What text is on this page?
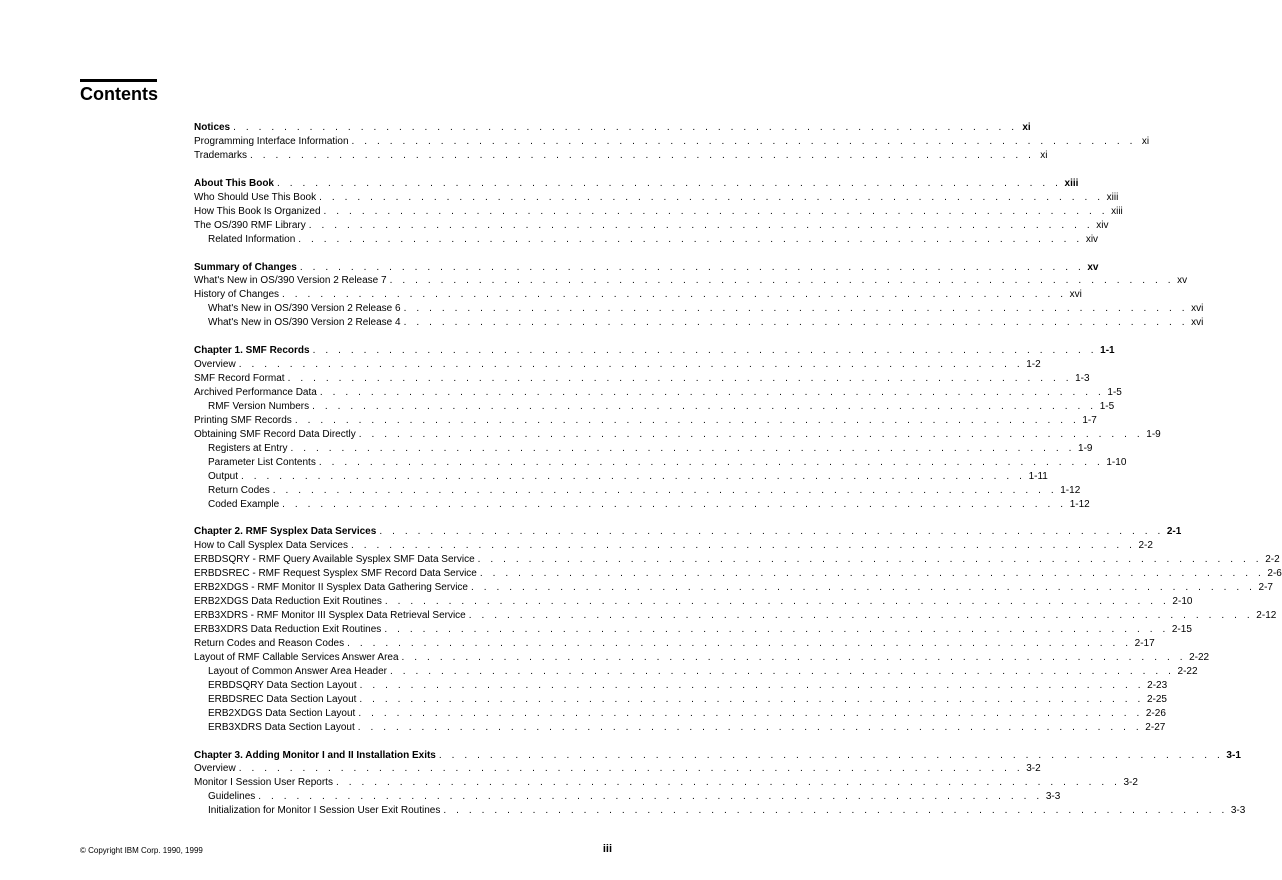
Contents
Notices . . . . . . . . . . . . . . . . . . . . . . . . . . . . . . . . . . . . . . . . . . . . . . . . . . . . . . . . . . . . . . xi
Programming Interface Information . . . . . . . . . . . . . . . . . . . . . . . . . . . . . . . . . . . . . . . . . . . . . . . . . . . . . . . . . . . . . . xi
Trademarks . . . . . . . . . . . . . . . . . . . . . . . . . . . . . . . . . . . . . . . . . . . . . . . . . . . . . . . . . . . . . . xi
About This Book . . . . . . . . . . . . . . . . . . . . . . . . . . . . . . . . . . . . . . . . . . . . . . . . . . . . . . . . . . . . . . xiii
Who Should Use This Book . . . . . . . . . . . . . . . . . . . . . . . . . . . . . . . . . . . . . . . . . . . . . . . . . . . . . . . . . . . . . . xiii
How This Book Is Organized . . . . . . . . . . . . . . . . . . . . . . . . . . . . . . . . . . . . . . . . . . . . . . . . . . . . . . . . . . . . . . xiii
The OS/390 RMF Library . . . . . . . . . . . . . . . . . . . . . . . . . . . . . . . . . . . . . . . . . . . . . . . . . . . . . . . . . . . . . . xiv
Related Information . . . . . . . . . . . . . . . . . . . . . . . . . . . . . . . . . . . . . . . . . . . . . . . . . . . . . . . . . . . . . . xiv
Summary of Changes . . . . . . . . . . . . . . . . . . . . . . . . . . . . . . . . . . . . . . . . . . . . . . . . . . . . . . . . . . . . . . xv
What's New in OS/390 Version 2 Release 7 . . . . . . . . . . . . . . . . . . . . . . . . . . . . . . . . . . . . . . . . . . . . . . . . . . . . . . . . . . . . . . xv
History of Changes . . . . . . . . . . . . . . . . . . . . . . . . . . . . . . . . . . . . . . . . . . . . . . . . . . . . . . . . . . . . . . xvi
What's New in OS/390 Version 2 Release 6 . . . . . . . . . . . . . . . . . . . . . . . . . . . . . . . . . . . . . . . . . . . . . . . . . . . . . . . . . . . . . . xvi
What's New in OS/390 Version 2 Release 4 . . . . . . . . . . . . . . . . . . . . . . . . . . . . . . . . . . . . . . . . . . . . . . . . . . . . . . . . . . . . . . xvi
Chapter 1. SMF Records . . . . . . . . . . . . . . . . . . . . . . . . . . . . . . . . . . . . . . . . . . . . . . . . . . . . . . . . . . . . . . 1-1
Overview . . . . . . . . . . . . . . . . . . . . . . . . . . . . . . . . . . . . . . . . . . . . . . . . . . . . . . . . . . . . . . 1-2
SMF Record Format . . . . . . . . . . . . . . . . . . . . . . . . . . . . . . . . . . . . . . . . . . . . . . . . . . . . . . . . . . . . . . 1-3
Archived Performance Data . . . . . . . . . . . . . . . . . . . . . . . . . . . . . . . . . . . . . . . . . . . . . . . . . . . . . . . . . . . . . . 1-5
RMF Version Numbers . . . . . . . . . . . . . . . . . . . . . . . . . . . . . . . . . . . . . . . . . . . . . . . . . . . . . . . . . . . . . . 1-5
Printing SMF Records . . . . . . . . . . . . . . . . . . . . . . . . . . . . . . . . . . . . . . . . . . . . . . . . . . . . . . . . . . . . . . 1-7
Obtaining SMF Record Data Directly . . . . . . . . . . . . . . . . . . . . . . . . . . . . . . . . . . . . . . . . . . . . . . . . . . . . . . . . . . . . . . 1-9
Registers at Entry . . . . . . . . . . . . . . . . . . . . . . . . . . . . . . . . . . . . . . . . . . . . . . . . . . . . . . . . . . . . . . 1-9
Parameter List Contents . . . . . . . . . . . . . . . . . . . . . . . . . . . . . . . . . . . . . . . . . . . . . . . . . . . . . . . . . . . . . . 1-10
Output . . . . . . . . . . . . . . . . . . . . . . . . . . . . . . . . . . . . . . . . . . . . . . . . . . . . . . . . . . . . . . 1-11
Return Codes . . . . . . . . . . . . . . . . . . . . . . . . . . . . . . . . . . . . . . . . . . . . . . . . . . . . . . . . . . . . . . 1-12
Coded Example . . . . . . . . . . . . . . . . . . . . . . . . . . . . . . . . . . . . . . . . . . . . . . . . . . . . . . . . . . . . . . 1-12
Chapter 2. RMF Sysplex Data Services . . . . . . . . . . . . . . . . . . . . . . . . . . . . . . . . . . . . . . . . . . . . . . . . . . . . . . . . . . . . . . 2-1
How to Call Sysplex Data Services . . . . . . . . . . . . . . . . . . . . . . . . . . . . . . . . . . . . . . . . . . . . . . . . . . . . . . . . . . . . . . 2-2
ERBDSQRY - RMF Query Available Sysplex SMF Data Service . . . . . . . . . . . . . . . . . . . . . . . . . . . . . . . . . . . . . . . . . . . . . . . . . . . . . . . . . . . . . . 2-2
ERBDSREC - RMF Request Sysplex SMF Record Data Service . . . . . . . . . . . . . . . . . . . . . . . . . . . . . . . . . . . . . . . . . . . . . . . . . . . . . . . . . . . . . . 2-6
ERB2XDGS - RMF Monitor II Sysplex Data Gathering Service . . . . . . . . . . . . . . . . . . . . . . . . . . . . . . . . . . . . . . . . . . . . . . . . . . . . . . . . . . . . . . 2-7
ERB2XDGS Data Reduction Exit Routines . . . . . . . . . . . . . . . . . . . . . . . . . . . . . . . . . . . . . . . . . . . . . . . . . . . . . . . . . . . . . . 2-10
ERB3XDRS - RMF Monitor III Sysplex Data Retrieval Service . . . . . . . . . . . . . . . . . . . . . . . . . . . . . . . . . . . . . . . . . . . . . . . . . . . . . . . . . . . . . . 2-12
ERB3XDRS Data Reduction Exit Routines . . . . . . . . . . . . . . . . . . . . . . . . . . . . . . . . . . . . . . . . . . . . . . . . . . . . . . . . . . . . . . 2-15
Return Codes and Reason Codes . . . . . . . . . . . . . . . . . . . . . . . . . . . . . . . . . . . . . . . . . . . . . . . . . . . . . . . . . . . . . . 2-17
Layout of RMF Callable Services Answer Area . . . . . . . . . . . . . . . . . . . . . . . . . . . . . . . . . . . . . . . . . . . . . . . . . . . . . . . . . . . . . . 2-22
Layout of Common Answer Area Header . . . . . . . . . . . . . . . . . . . . . . . . . . . . . . . . . . . . . . . . . . . . . . . . . . . . . . . . . . . . . . 2-22
ERBDSQRY Data Section Layout . . . . . . . . . . . . . . . . . . . . . . . . . . . . . . . . . . . . . . . . . . . . . . . . . . . . . . . . . . . . . . 2-23
ERBDSREC Data Section Layout . . . . . . . . . . . . . . . . . . . . . . . . . . . . . . . . . . . . . . . . . . . . . . . . . . . . . . . . . . . . . . 2-25
ERB2XDGS Data Section Layout . . . . . . . . . . . . . . . . . . . . . . . . . . . . . . . . . . . . . . . . . . . . . . . . . . . . . . . . . . . . . . 2-26
ERB3XDRS Data Section Layout . . . . . . . . . . . . . . . . . . . . . . . . . . . . . . . . . . . . . . . . . . . . . . . . . . . . . . . . . . . . . . 2-27
Chapter 3. Adding Monitor I and II Installation Exits . . . . . . . . . . . . . . . . . . . . . . . . . . . . . . . . . . . . . . . . . . . . . . . . . . . . . . . . . . . . . . 3-1
Overview . . . . . . . . . . . . . . . . . . . . . . . . . . . . . . . . . . . . . . . . . . . . . . . . . . . . . . . . . . . . . . 3-2
Monitor I Session User Reports . . . . . . . . . . . . . . . . . . . . . . . . . . . . . . . . . . . . . . . . . . . . . . . . . . . . . . . . . . . . . . 3-2
Guidelines . . . . . . . . . . . . . . . . . . . . . . . . . . . . . . . . . . . . . . . . . . . . . . . . . . . . . . . . . . . . . . 3-3
Initialization for Monitor I Session User Exit Routines . . . . . . . . . . . . . . . . . . . . . . . . . . . . . . . . . . . . . . . . . . . . . . . . . . . . . . . . . . . . . . 3-3
© Copyright IBM Corp. 1990, 1999	iii
